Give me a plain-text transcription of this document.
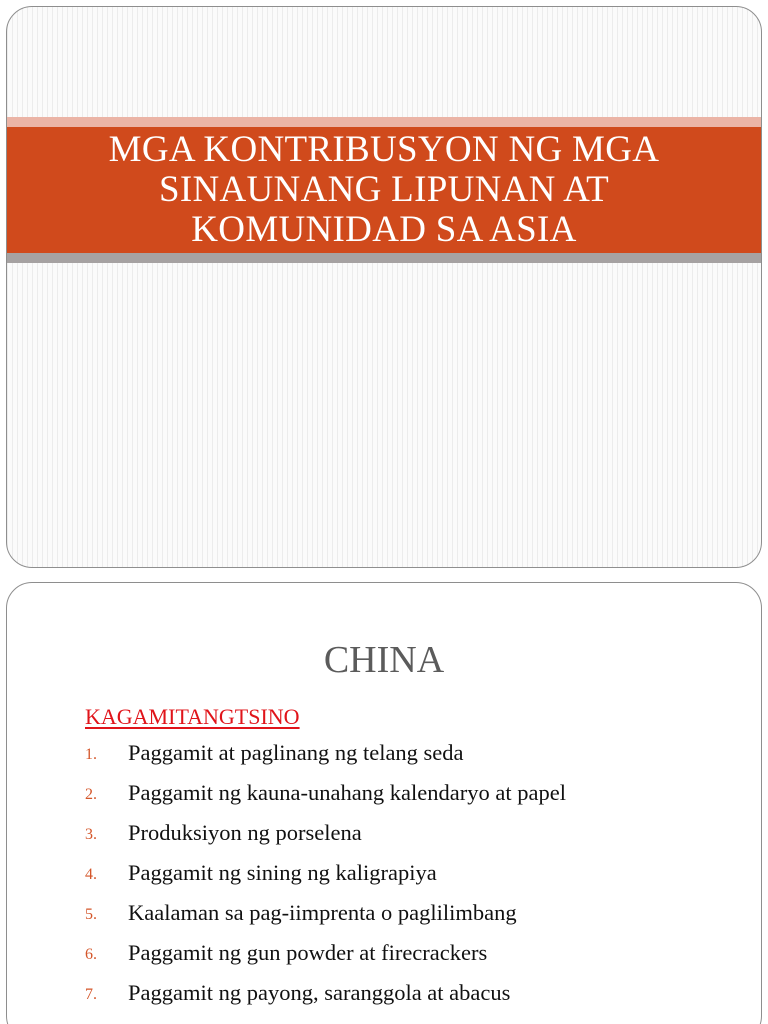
MGA KONTRIBUSYON NG MGA
SINAUNANG LIPUNAN AT
KOMUNIDAD SA ASIA
CHINA
KAGAMITANGTSINO
1. Paggamit at paglinang ng telang seda
2. Paggamit ng kauna-unahang kalendaryo at papel
3. Produksiyon ng porselena
4. Paggamit ng sining ng kaligrapiya
5. Kaalaman sa pag-iimprenta o paglilimbang
6. Paggamit ng gun powder at firecrackers
7. Paggamit ng payong, saranggola at abacus
